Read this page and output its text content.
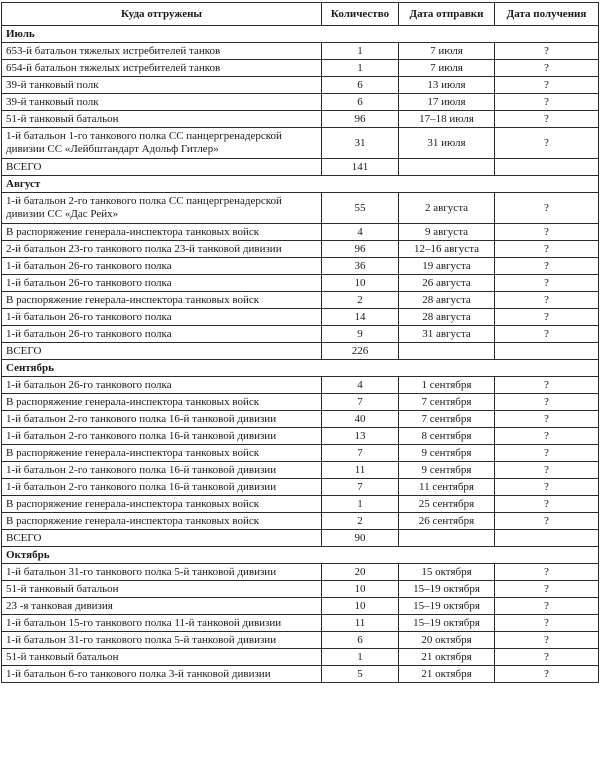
Куда отгружены	Количество	Дата отправки	Дата получения
Июль			
653-й батальон тяжелых истребителей танков	1	7 июля	?
654-й батальон тяжелых истребителей танков	1	7 июля	?
39-й танковый полк	6	13 июля	?
39-й танковый полк	6	17 июля	?
51-й танковый батальон	96	17–18 июля	?
1-й батальон 1-го танкового полка СС панцергренадерской дивизии СС «Лейбштандарт Адольф Гитлер»	31	31 июля	?
ВСЕГО	141		
Август			
1-й батальон 2-го танкового полка СС панцергренадерской дивизии СС «Дас Рейх»	55	2 августа	?
В распоряжение генерала-инспектора танковых войск	4	9 августа	?
2-й батальон 23-го танкового полка 23-й танковой дивизии	96	12–16 августа	?
1-й батальон 26-го танкового полка	36	19 августа	?
1-й батальон 26-го танкового полка	10	26 августа	?
В распоряжение генерала-инспектора танковых войск	2	28 августа	?
1-й батальон 26-го танкового полка	14	28 августа	?
1-й батальон 26-го танкового полка	9	31 августа	?
ВСЕГО	226		
Сентябрь			
1-й батальон 26-го танкового полка	4	1 сентября	?
В распоряжение генерала-инспектора танковых войск	7	7 сентября	?
1-й батальон 2-го танкового полка 16-й танковой дивизии	40	7 сентября	?
1-й батальон 2-го танкового полка 16-й танковой дивизии	13	8 сентября	?
В распоряжение генерала-инспектора танковых войск	7	9 сентября	?
1-й батальон 2-го танкового полка 16-й танковой дивизии	11	9 сентября	?
1-й батальон 2-го танкового полка 16-й танковой дивизии	7	11 сентября	?
В распоряжение генерала-инспектора танковых войск	1	25 сентября	?
В распоряжение генерала-инспектора танковых войск	2	26 сентября	?
ВСЕГО	90		
Октябрь			
1-й батальон 31-го танкового полка 5-й танковой дивизии	20	15 октября	?
51-й танковый батальон	10	15–19 октября	?
23 -я танковая дивизия	10	15–19 октября	?
1-й батальон 15-го танкового полка 11-й танковой дивизии	11	15–19 октября	?
1-й батальон 31-го танкового полка 5-й танковой дивизии	6	20 октября	?
51-й танковый батальон	1	21 октября	?
1-й батальон 6-го танкового полка 3-й танковой дивизии	5	21 октября	?
